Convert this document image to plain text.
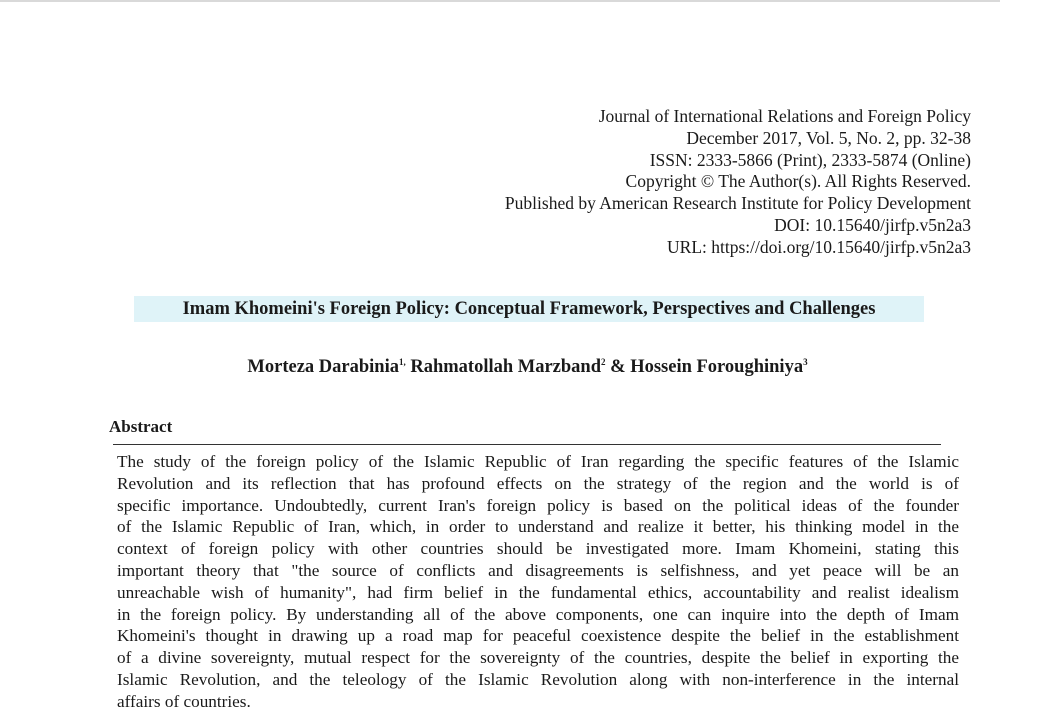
Journal of International Relations and Foreign Policy
December 2017, Vol. 5, No. 2, pp. 32-38
ISSN: 2333-5866 (Print), 2333-5874 (Online)
Copyright © The Author(s). All Rights Reserved.
Published by American Research Institute for Policy Development
DOI: 10.15640/jirfp.v5n2a3
URL: https://doi.org/10.15640/jirfp.v5n2a3
Imam Khomeini's Foreign Policy: Conceptual Framework, Perspectives and Challenges
Morteza Darabinia$^{1,}$ Rahmatollah Marzband$^2$ & Hossein Foroughiniya$^3$
Abstract
The study of the foreign policy of the Islamic Republic of Iran regarding the specific features of the Islamic
Revolution and its reflection that has profound effects on the strategy of the region and the world is of
specific importance. Undoubtedly, current Iran's foreign policy is based on the political ideas of the founder
of the Islamic Republic of Iran, which, in order to understand and realize it better, his thinking model in the
context of foreign policy with other countries should be investigated more. Imam Khomeini, stating this
important theory that "the source of conflicts and disagreements is selfishness, and yet peace will be an
unreachable wish of humanity", had firm belief in the fundamental ethics, accountability and realist idealism
in the foreign policy. By understanding all of the above components, one can inquire into the depth of Imam
Khomeini's thought in drawing up a road map for peaceful coexistence despite the belief in the establishment
of a divine sovereignty, mutual respect for the sovereignty of the countries, despite the belief in exporting the
Islamic Revolution, and the teleology of the Islamic Revolution along with non-interference in the internal
affairs of countries.
